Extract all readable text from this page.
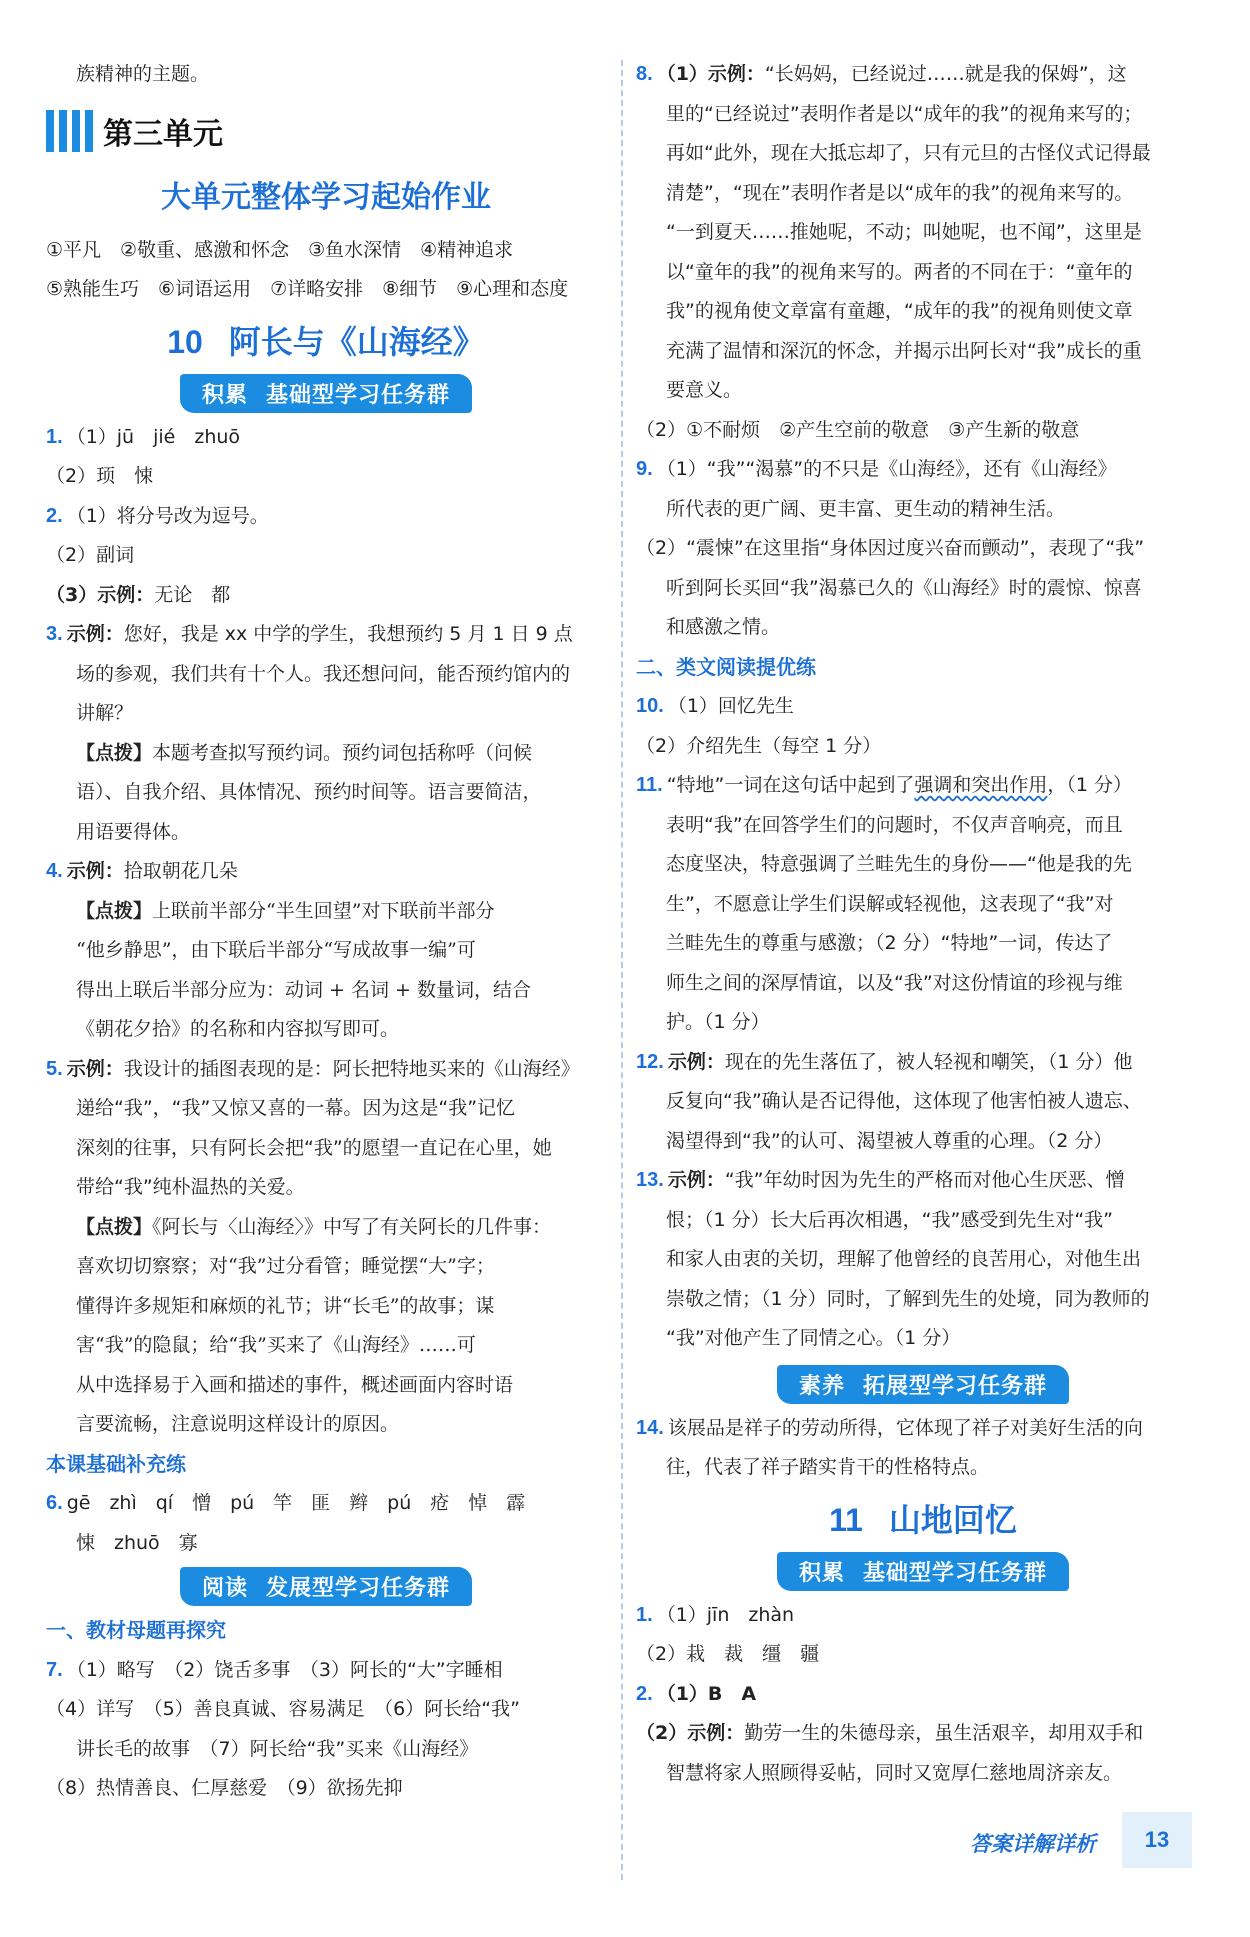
族精神的主题。
第三单元
大单元整体学习起始作业
①平凡　②敬重、感激和怀念　③鱼水深情　④精神追求
⑤熟能生巧　⑥词语运用　⑦详略安排　⑧细节　⑨心理和态度
10 阿长与《山海经》
积累 基础型学习任务群
1. （1）jū　jié　zhuō
（2）顼　悚
2. （1）将分号改为逗号。
（2）副词
（3）示例：无论　都
3. 示例：您好，我是 xx 中学的学生，我想预约 5 月 1 日 9 点
场的参观，我们共有十个人。我还想问问，能否预约馆内的
讲解？
【点拨】本题考查拟写预约词。预约词包括称呼（问候
语）、自我介绍、具体情况、预约时间等。语言要简洁，
用语要得体。
4. 示例：拾取朝花几朵
【点拨】上联前半部分“半生回望”对下联前半部分
“他乡静思”，由下联后半部分“写成故事一编”可
得出上联后半部分应为：动词 + 名词 + 数量词，结合
《朝花夕拾》的名称和内容拟写即可。
5. 示例：我设计的插图表现的是：阿长把特地买来的《山海经》
递给“我”，“我”又惊又喜的一幕。因为这是“我”记忆
深刻的往事，只有阿长会把“我”的愿望一直记在心里，她
带给“我”纯朴温热的关爱。
【点拨】《阿长与〈山海经〉》中写了有关阿长的几件事：
喜欢切切察察；对“我”过分看管；睡觉摆“大”字；
懂得许多规矩和麻烦的礼节；讲“长毛”的故事；谋
害“我”的隐鼠；给“我”买来了《山海经》……可
从中选择易于入画和描述的事件，概述画面内容时语
言要流畅，注意说明这样设计的原因。
本课基础补充练
6. gē　zhì　qí　憎　pú　竿　匪　辫　pú　疮　悼　霹
悚　zhuō　寡
阅读 发展型学习任务群
一、教材母题再探究
7. （1）略写　（2）饶舌多事　（3）阿长的“大”字睡相
（4）详写　（5）善良真诚、容易满足　（6）阿长给“我”
讲长毛的故事　（7）阿长给“我”买来《山海经》
（8）热情善良、仁厚慈爱　（9）欲扬先抑
8. （1）示例：“长妈妈，已经说过……就是我的保姆”，这
里的“已经说过”表明作者是以“成年的我”的视角来写的；
再如“此外，现在大抵忘却了，只有元旦的古怪仪式记得最
清楚”，“现在”表明作者是以“成年的我”的视角来写的。
“一到夏天……推她呢，不动；叫她呢，也不闻”，这里是
以“童年的我”的视角来写的。两者的不同在于：“童年的
我”的视角使文章富有童趣，“成年的我”的视角则使文章
充满了温情和深沉的怀念，并揭示出阿长对“我”成长的重
要意义。
（2）①不耐烦　②产生空前的敬意　③产生新的敬意
9. （1）“我”“渴慕”的不只是《山海经》，还有《山海经》
所代表的更广阔、更丰富、更生动的精神生活。
（2）“震悚”在这里指“身体因过度兴奋而颤动”，表现了“我”
听到阿长买回“我”渴慕已久的《山海经》时的震惊、惊喜
和感激之情。
二、类文阅读提优练
10. （1）回忆先生
（2）介绍先生（每空 1 分）
11. “特地”一词在这句话中起到了强调和突出作用，（1 分）
表明“我”在回答学生们的问题时，不仅声音响亮，而且
态度坚决，特意强调了兰畦先生的身份——“他是我的先
生”，不愿意让学生们误解或轻视他，这表现了“我”对
兰畦先生的尊重与感激；（2 分）“特地”一词，传达了
师生之间的深厚情谊，以及“我”对这份情谊的珍视与维
护。（1 分）
12. 示例：现在的先生落伍了，被人轻视和嘲笑，（1 分）他
反复向“我”确认是否记得他，这体现了他害怕被人遗忘、
渴望得到“我”的认可、渴望被人尊重的心理。（2 分）
13. 示例：“我”年幼时因为先生的严格而对他心生厌恶、憎
恨；（1 分）长大后再次相遇，“我”感受到先生对“我”
和家人由衷的关切，理解了他曾经的良苦用心，对他生出
崇敬之情；（1 分）同时，了解到先生的处境，同为教师的
“我”对他产生了同情之心。（1 分）
素养 拓展型学习任务群
14. 该展品是祥子的劳动所得，它体现了祥子对美好生活的向
往，代表了祥子踏实肯干的性格特点。
11 山地回忆
积累 基础型学习任务群
1. （1）jīn　zhàn
（2）栽　裁　缰　疆
2. （1）B　A
（2）示例：勤劳一生的朱德母亲，虽生活艰辛，却用双手和
智慧将家人照顾得妥帖，同时又宽厚仁慈地周济亲友。
答案详解详析	13
